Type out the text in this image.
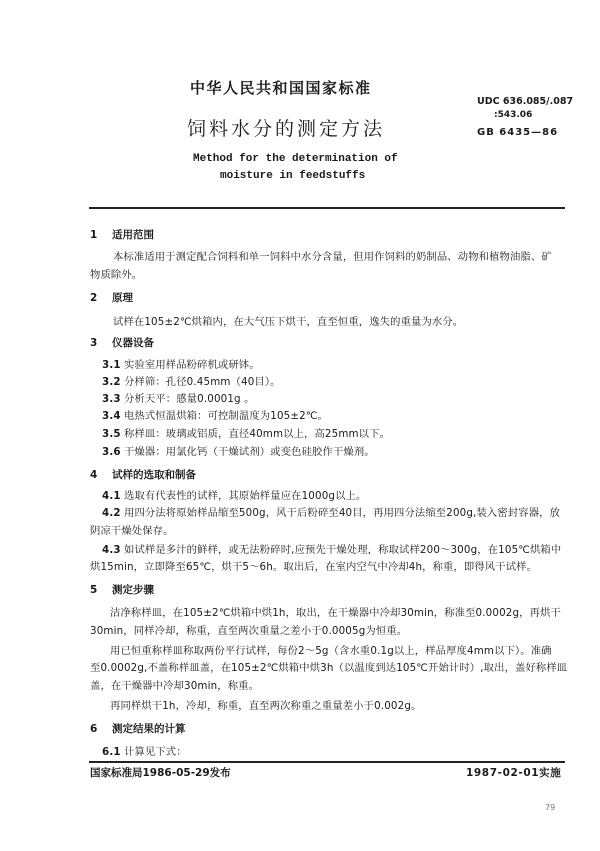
中华人民共和国国家标准
UDC 636.085/.087
:543.06
饲料水分的测定方法	GB 6435—86
Method for the determination of
moisture in feedstuffs
1 适用范围
本标准适用于测定配合饲料和单一饲料中水分含量，但用作饲料的奶制品、动物和植物油脂、矿
物质除外。
2 原理
试样在105±2℃烘箱内，在大气压下烘干，直至恒重，逸失的重量为水分。
3 仪器设备
3.1 实验室用样品粉碎机或研钵。
3.2 分样筛：孔径0.45mm（40目）。
3.3 分析天平：感量0.0001g 。
3.4 电热式恒温烘箱：可控制温度为105±2℃。
3.5 称样皿：玻璃或铝质，直径40mm以上，高25mm以下。
3.6 干燥器：用氯化钙（干燥试剂）或变色硅胶作干燥剂。
4 试样的选取和制备
4.1 选取有代表性的试样，其原始样量应在1000g以上。
4.2 用四分法将原始样品缩至500g，风干后粉碎至40目，再用四分法缩至200g,装入密封容器，放
阴凉干燥处保存。
4.3 如试样是多汁的鲜样，或无法粉碎时,应预先干燥处理，称取试样200～300g，在105℃烘箱中
烘15min，立即降至65℃，烘干5～6h。取出后，在室内空气中冷却4h，称重，即得风干试样。
5 测定步骤
洁净称样皿，在105±2℃烘箱中烘1h，取出，在干燥器中冷却30min，称准至0.0002g，再烘干
30min，同样冷却，称重，直至两次重量之差小于0.0005g为恒重。
用已恒重称样皿称取两份平行试样，每份2～5g（含水重0.1g以上，样品厚度4mm以下）。准确
至0.0002g,不盖称样皿盖，在105±2℃烘箱中烘3h（以温度到达105℃开始计时）,取出，盖好称样皿
盖，在干燥器中冷却30min，称重。
再同样烘干1h，冷却，称重，直至两次称重之重量差小于0.002g。
6 测定结果的计算
6.1 计算见下式：
国家标准局1986-05-29发布	1987-02-01实施
79
